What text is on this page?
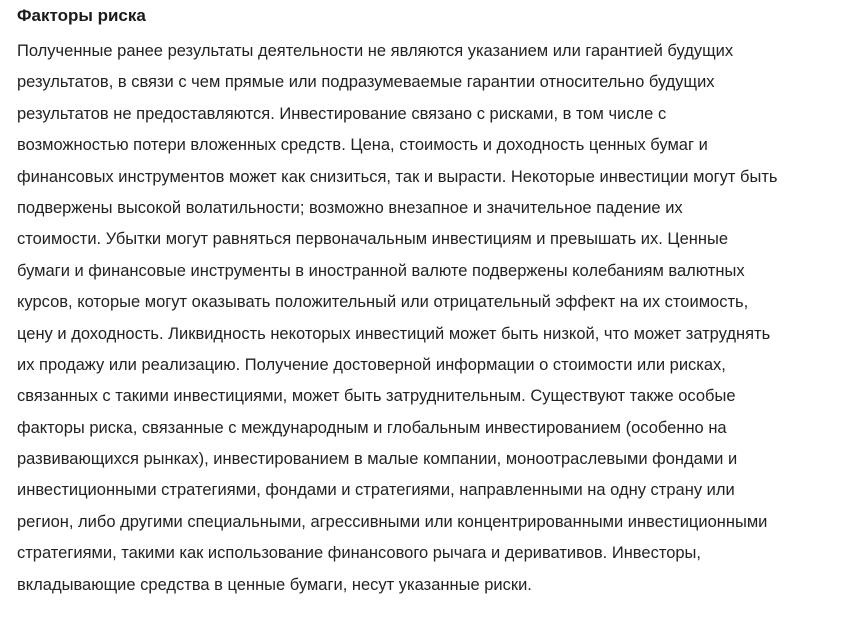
Факторы риска
Полученные ранее результаты деятельности не являются указанием или гарантией будущих
результатов, в связи с чем прямые или подразумеваемые гарантии относительно будущих
результатов не предоставляются. Инвестирование связано с рисками, в том числе с
возможностью потери вложенных средств. Цена, стоимость и доходность ценных бумаг и
финансовых инструментов может как снизиться, так и вырасти. Некоторые инвестиции могут быть
подвержены высокой волатильности; возможно внезапное и значительное падение их
стоимости. Убытки могут равняться первоначальным инвестициям и превышать их. Ценные
бумаги и финансовые инструменты в иностранной валюте подвержены колебаниям валютных
курсов, которые могут оказывать положительный или отрицательный эффект на их стоимость,
цену и доходность. Ликвидность некоторых инвестиций может быть низкой, что может затруднять
их продажу или реализацию. Получение достоверной информации о стоимости или рисках,
связанных с такими инвестициями, может быть затруднительным. Существуют также особые
факторы риска, связанные с международным и глобальным инвестированием (особенно на
развивающихся рынках), инвестированием в малые компании, моноотраслевыми фондами и
инвестиционными стратегиями, фондами и стратегиями, направленными на одну страну или
регион, либо другими специальными, агрессивными или концентрированными инвестиционными
стратегиями, такими как использование финансового рычага и деривативов. Инвесторы,
вкладывающие средства в ценные бумаги, несут указанные риски.
